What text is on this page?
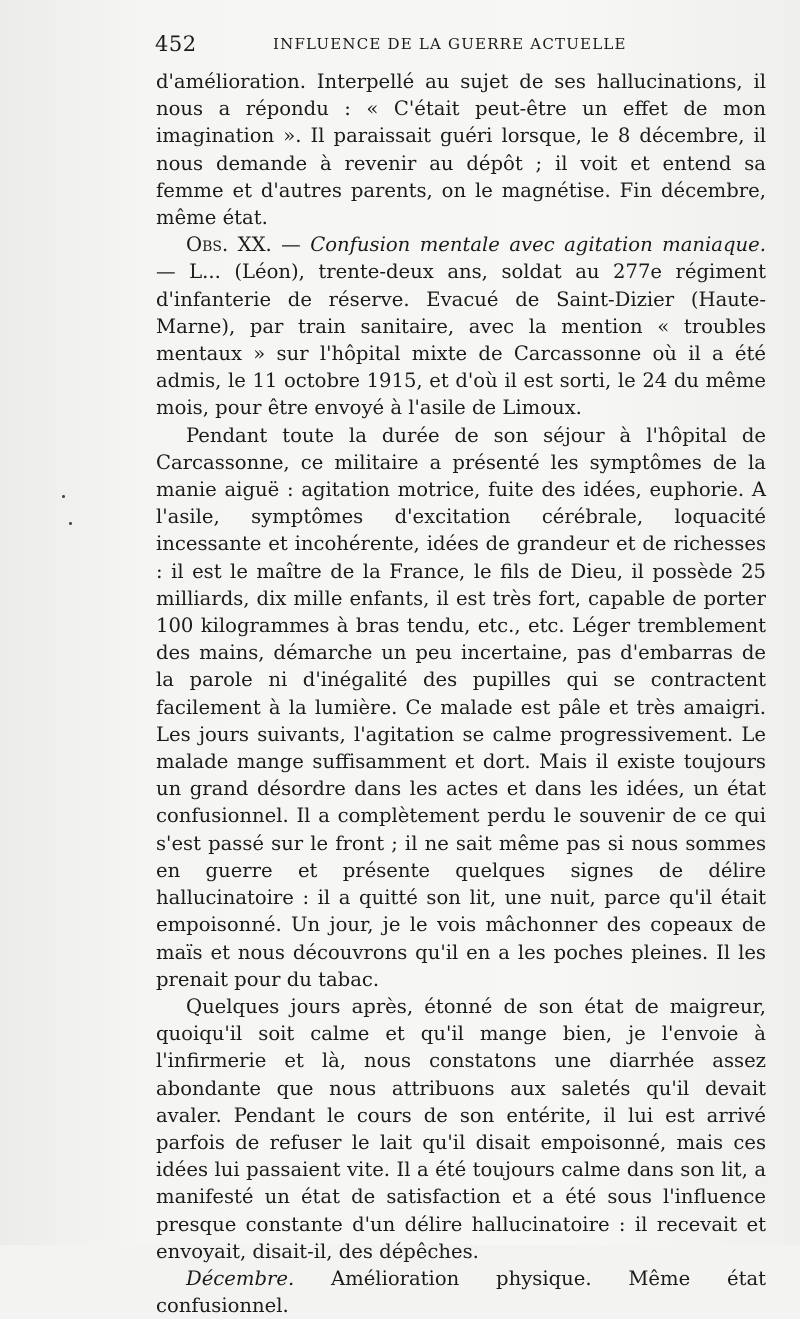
452	INFLUENCE DE LA GUERRE ACTUELLE

d'amélioration. Interpellé au sujet de ses hallucinations, il nous a répondu : « C'était peut-être un effet de mon imagination ». Il paraissait guéri lorsque, le 8 décembre, il nous demande à revenir au dépôt ; il voit et entend sa femme et d'autres parents, on le magnétise. Fin décembre, même état.

Obs. XX. — Confusion mentale avec agitation maniaque. — L... (Léon), trente-deux ans, soldat au 277e régiment d'infanterie de réserve. Evacué de Saint-Dizier (Haute-Marne), par train sanitaire, avec la mention « troubles mentaux » sur l'hôpital mixte de Carcassonne où il a été admis, le 11 octobre 1915, et d'où il est sorti, le 24 du même mois, pour être envoyé à l'asile de Limoux.

Pendant toute la durée de son séjour à l'hôpital de Carcassonne, ce militaire a présenté les symptômes de la manie aiguë : agitation motrice, fuite des idées, euphorie. A l'asile, symptômes d'excitation cérébrale, loquacité incessante et incohérente, idées de grandeur et de richesses : il est le maître de la France, le fils de Dieu, il possède 25 milliards, dix mille enfants, il est très fort, capable de porter 100 kilogrammes à bras tendu, etc., etc. Léger tremblement des mains, démarche un peu incertaine, pas d'embarras de la parole ni d'inégalité des pupilles qui se contractent facilement à la lumière. Ce malade est pâle et très amaigri. Les jours suivants, l'agitation se calme progressivement. Le malade mange suffisamment et dort. Mais il existe toujours un grand désordre dans les actes et dans les idées, un état confusionnel. Il a complètement perdu le souvenir de ce qui s'est passé sur le front ; il ne sait même pas si nous sommes en guerre et présente quelques signes de délire hallucinatoire : il a quitté son lit, une nuit, parce qu'il était empoisonné. Un jour, je le vois mâchonner des copeaux de maïs et nous découvrons qu'il en a les poches pleines. Il les prenait pour du tabac.

Quelques jours après, étonné de son état de maigreur, quoiqu'il soit calme et qu'il mange bien, je l'envoie à l'infirmerie et là, nous constatons une diarrhée assez abondante que nous attribuons aux saletés qu'il devait avaler. Pendant le cours de son entérite, il lui est arrivé parfois de refuser le lait qu'il disait empoisonné, mais ces idées lui passaient vite. Il a été toujours calme dans son lit, a manifesté un état de satisfaction et a été sous l'influence presque constante d'un délire hallucinatoire : il recevait et envoyait, disait-il, des dépêches.

Décembre. Amélioration physique. Même état confusionnel.
